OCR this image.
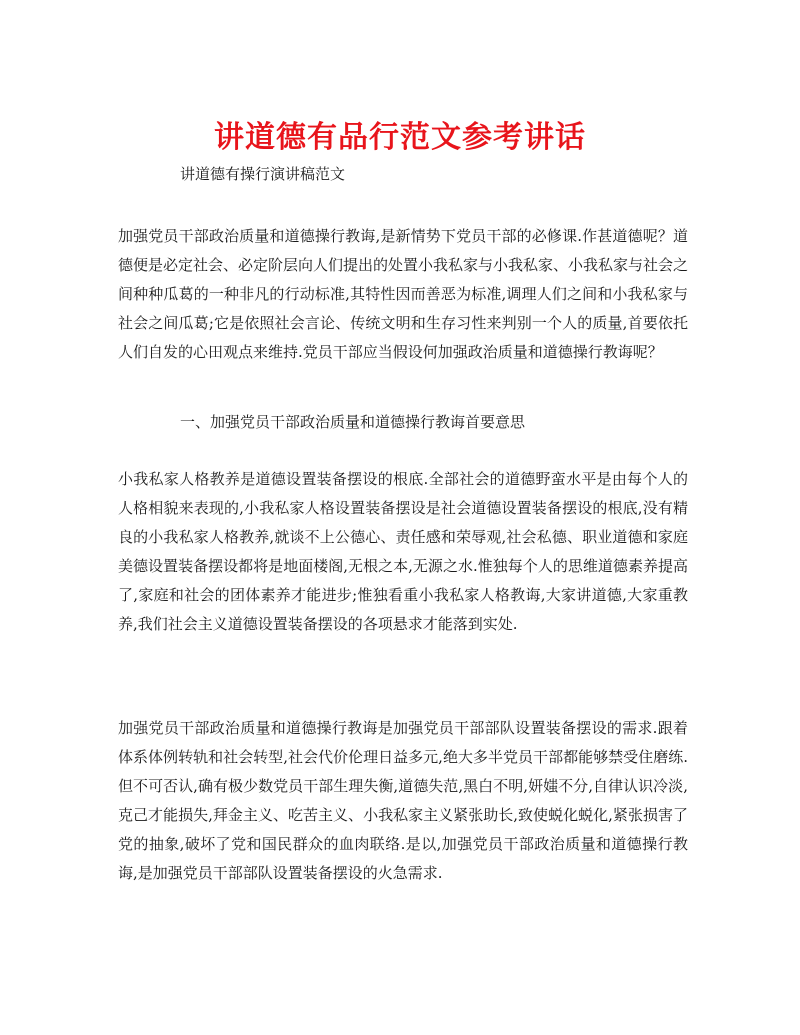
讲道德有品行范文参考讲话

讲道德有操行演讲稿范文

加强党员干部政治质量和道德操行教诲,是新情势下党员干部的必修课.作甚道德呢？道德便是必定社会、必定阶层向人们提出的处置小我私家与小我私家、小我私家与社会之间种种瓜葛的一种非凡的行动标准,其特性因而善恶为标准,调理人们之间和小我私家与社会之间瓜葛;它是依照社会言论、传统文明和生存习性来判别一个人的质量,首要依托人们自发的心田观点来维持.党员干部应当假设何加强政治质量和道德操行教诲呢？

一、加强党员干部政治质量和道德操行教诲首要意思

小我私家人格教养是道德设置装备摆设的根底.全部社会的道德野蛮水平是由每个人的人格相貌来表现的,小我私家人格设置装备摆设是社会道德设置装备摆设的根底,没有精良的小我私家人格教养,就谈不上公德心、责任感和荣辱观,社会私德、职业道德和家庭美德设置装备摆设都将是地面楼阁,无根之本,无源之水.惟独每个人的思维道德素养提高了,家庭和社会的团体素养才能进步;惟独看重小我私家人格教诲,大家讲道德,大家重教养,我们社会主义道德设置装备摆设的各项悬求才能落到实处.

加强党员干部政治质量和道德操行教诲是加强党员干部部队设置装备摆设的需求.跟着体系体例转轨和社会转型,社会代价伦理日益多元,绝大多半党员干部都能够禁受住磨练.但不可否认,确有极少数党员干部生理失衡,道德失范,黑白不明,妍媸不分,自律认识冷淡,克己才能损失,拜金主义、吃苦主义、小我私家主义紧张助长,致使蜕化蜕化,紧张损害了党的抽象,破坏了党和国民群众的血肉联络.是以,加强党员干部政治质量和道德操行教诲,是加强党员干部部队设置装备摆设的火急需求.
